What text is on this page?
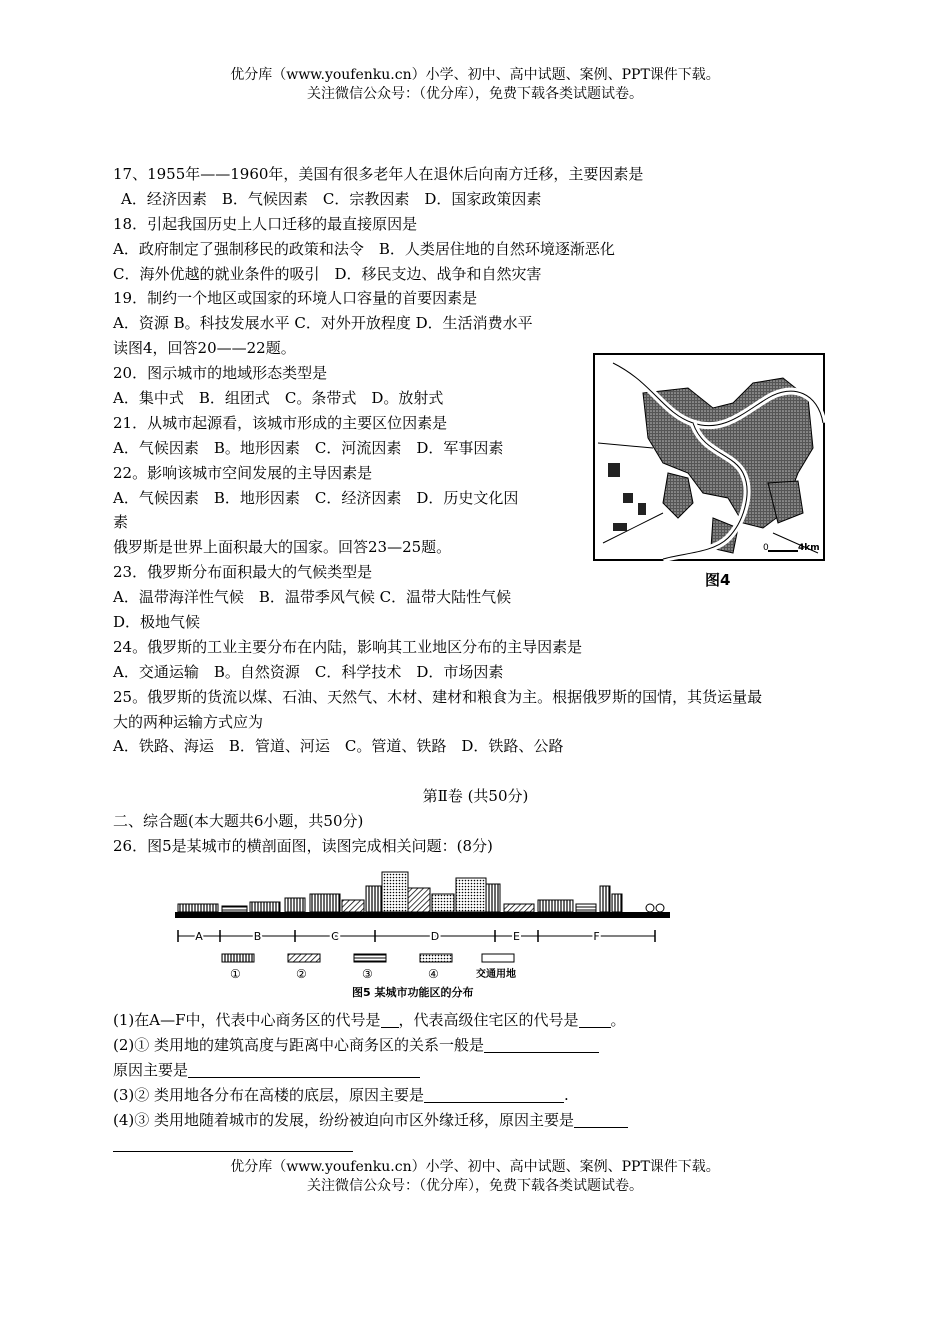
优分库（www.youfenku.cn）小学、初中、高中试题、案例、PPT课件下载。
关注微信公众号：（优分库），免费下载各类试题试卷。
17、1955年——1960年，美国有很多老年人在退休后向南方迁移，主要因素是
A．经济因素　B．气候因素　C．宗教因素　D．国家政策因素
18．引起我国历史上人口迁移的最直接原因是
A．政府制定了强制移民的政策和法令　B．人类居住地的自然环境逐渐恶化
C．海外优越的就业条件的吸引　D．移民支边、战争和自然灾害
19．制约一个地区或国家的环境人口容量的首要因素是
A．资源 B。科技发展水平 C．对外开放程度 D．生活消费水平
读图4，回答20——22题。
20．图示城市的地域形态类型是
A．集中式　B．组团式　C。条带式　D。放射式
21．从城市起源看，该城市形成的主要区位因素是
A．气候因素　B。地形因素　C．河流因素　D．军事因素
22。影响该城市空间发展的主导因素是
A．气候因素　B．地形因素　C．经济因素　D．历史文化因
素
俄罗斯是世界上面积最大的国家。回答23—25题。
23．俄罗斯分布面积最大的气候类型是
A．温带海洋性气候　B．温带季风气候 C．温带大陆性气候
D．极地气候
24。俄罗斯的工业主要分布在内陆，影响其工业地区分布的主导因素是
A．交通运输　B。自然资源　C．科学技术　D．市场因素
25。俄罗斯的货流以煤、石油、天然气、木材、建材和粮食为主。根据俄罗斯的国情，其货运量最
大的两种运输方式应为
A．铁路、海运　B．管道、河运　C。管道、铁路　D．铁路、公路
第Ⅱ卷 (共50分)
二、综合题(本大题共6小题，共50分)
26．图5是某城市的横剖面图，读图完成相关问题：(8分)
(1)在A—F中，代表中心商务区的代号是 ，代表高级住宅区的代号是 。
(2)① 类用地的建筑高度与距离中心商务区的关系一般是
原因主要是
(3)② 类用地各分布在高楼的底层，原因主要是	.
(4)③ 类用地随着城市的发展，纷纷被迫向市区外缘迁移，原因主要是
0	4km
图4
A	B	C	D	E	F
①	②	③	④	交通用地
图5 某城市功能区的分布
优分库（www.youfenku.cn）小学、初中、高中试题、案例、PPT课件下载。
关注微信公众号：（优分库），免费下载各类试题试卷。
